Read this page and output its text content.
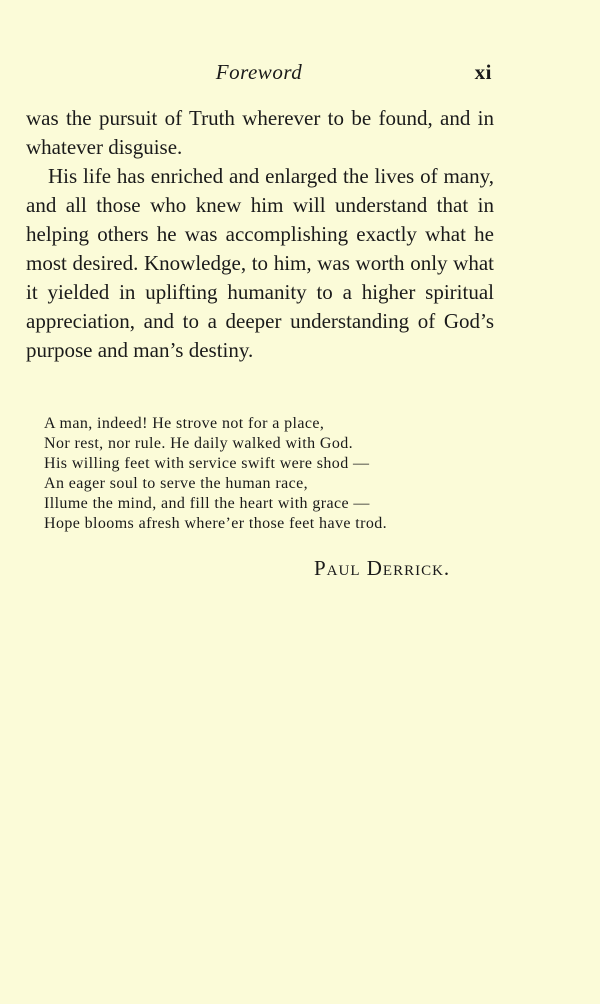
Foreword	xi

was the pursuit of Truth wherever to be found, and in whatever disguise.

His life has enriched and enlarged the lives of many, and all those who knew him will understand that in helping others he was accomplishing exactly what he most desired. Knowledge, to him, was worth only what it yielded in uplifting humanity to a higher spiritual appreciation, and to a deeper understanding of God’s purpose and man’s destiny.

A man, indeed! He strove not for a place,
Nor rest, nor rule. He daily walked with God.
His willing feet with service swift were shod —
An eager soul to serve the human race,
Illume the mind, and fill the heart with grace —
Hope blooms afresh where’er those feet have trod.
Paul Derrick.
